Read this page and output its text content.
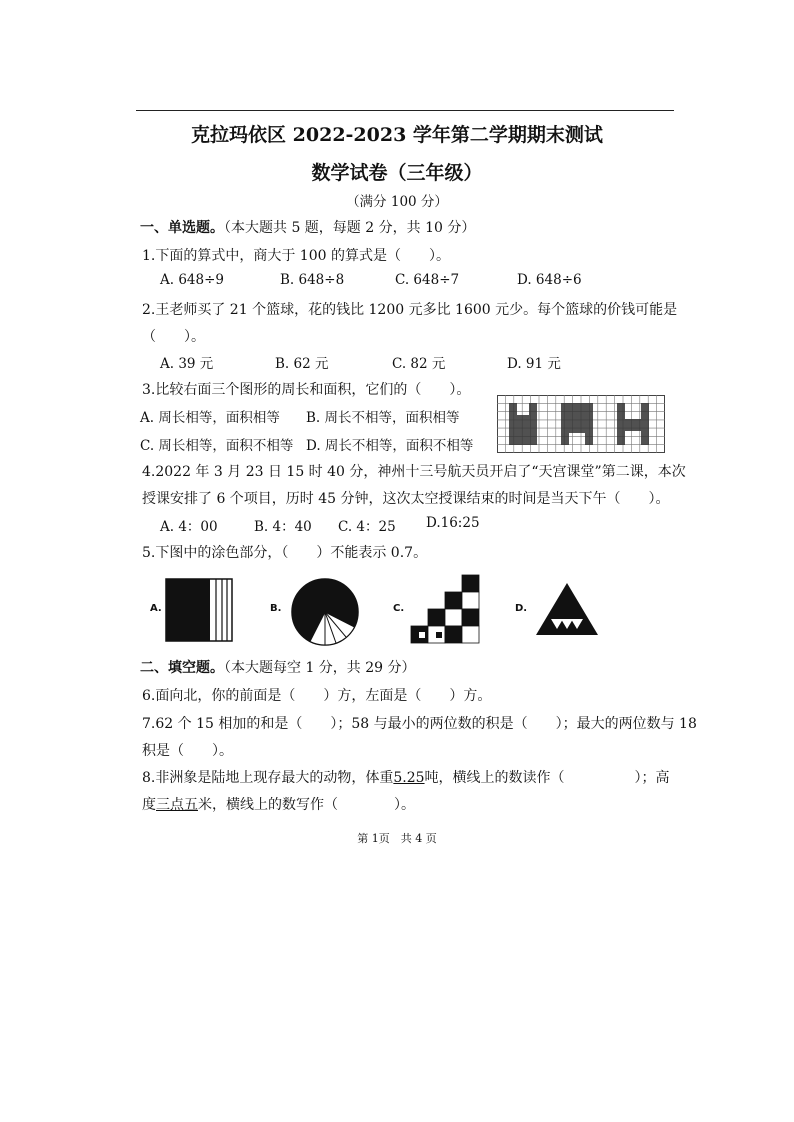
克拉玛依区 2022-2023 学年第二学期期末测试
数学试卷（三年级）
（满分 100 分）
一、单选题。（本大题共 5 题，每题 2 分，共 10 分）
1.下面的算式中，商大于 100 的算式是（　　）。
A. 648÷9	B. 648÷8	C. 648÷7	D. 648÷6
2.王老师买了 21 个篮球，花的钱比 1200 元多比 1600 元少。每个篮球的价钱可能是
（　　）。
A. 39 元	B. 62 元	C. 82 元	D. 91 元
3.比较右面三个图形的周长和面积，它们的（　　）。
A. 周长相等，面积相等 B. 周长不相等，面积相等
C. 周长相等，面积不相等 D. 周长不相等，面积不相等
4.2022 年 3 月 23 日 15 时 40 分，神州十三号航天员开启了“天宫课堂”第二课，本次
授课安排了 6 个项目，历时 45 分钟，这次太空授课结束的时间是当天下午（　　）。
A. 4：00	B. 4：40 C. 4：25 D.16:25
5.下图中的涂色部分，（　　）不能表示 0.7。
A.	B.	C.	D.
二、填空题。（本大题每空 1 分，共 29 分）
6.面向北，你的前面是（　　）方，左面是（　　）方。
7.62 个 15 相加的和是（　　）；58 与最小的两位数的积是（　　）；最大的两位数与 18
积是（　　）。
8.非洲象是陆地上现存最大的动物，体重5.25吨，横线上的数读作（　　　　　）；高
度三点五米，横线上的数写作（　　　　）。
第 1页　共 4 页
